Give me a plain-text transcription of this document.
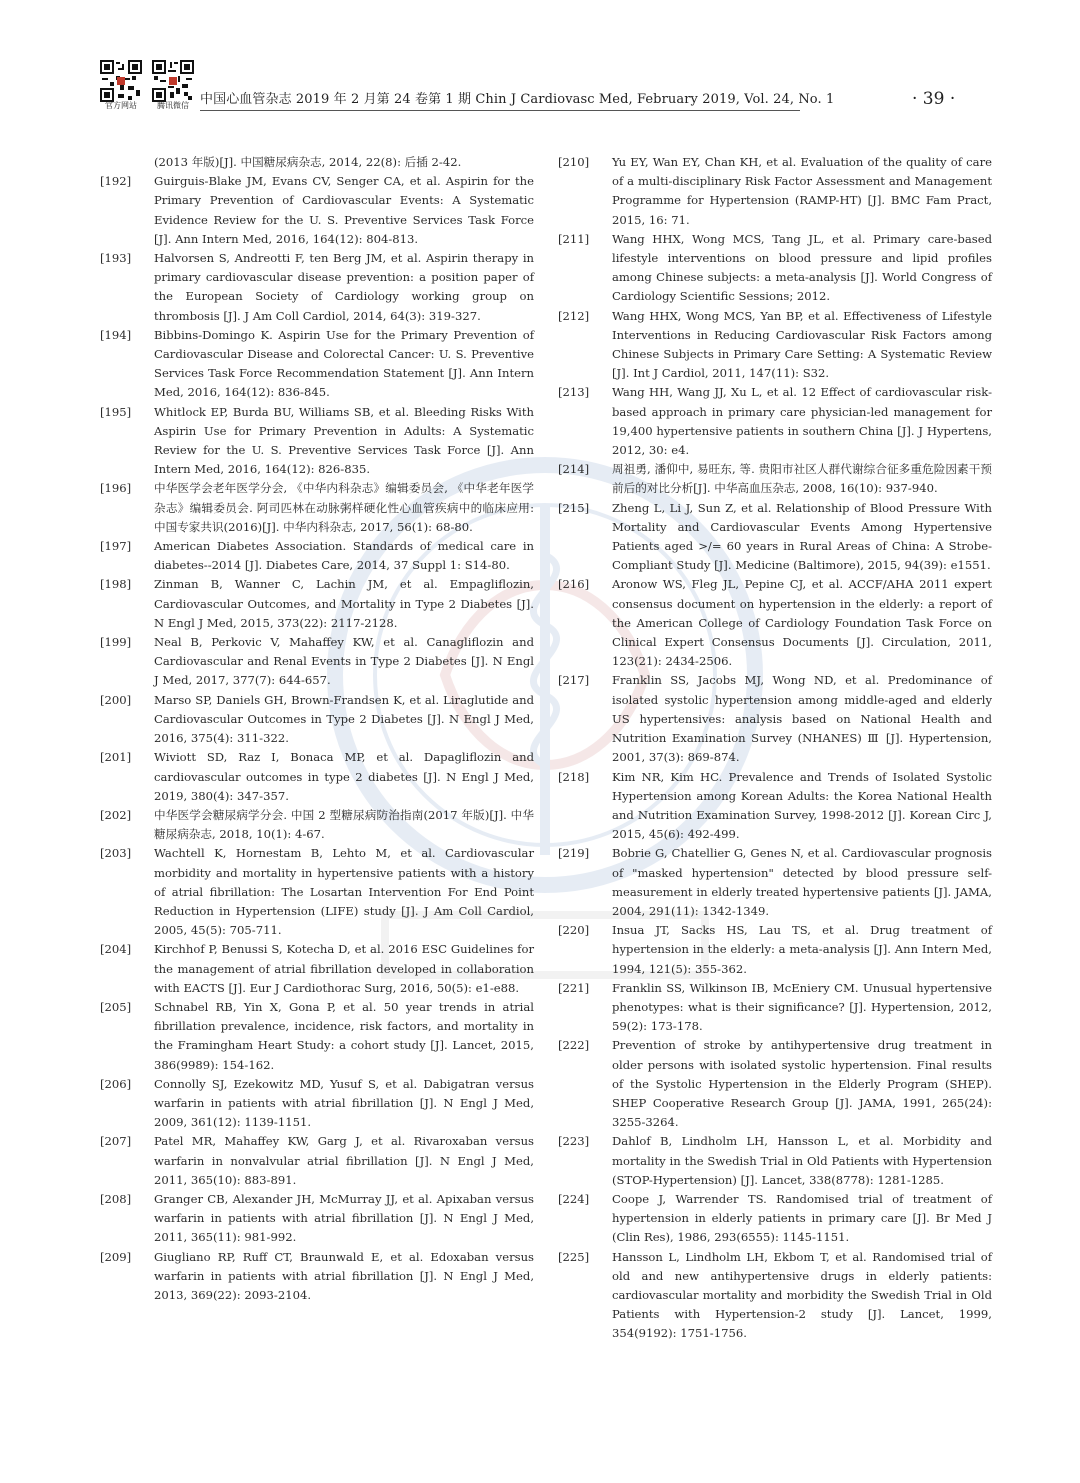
官方网站	腾讯微信 中国心血管杂志 2019 年 2 月第 24 卷第 1 期 Chin J Cardiovasc Med, February 2019, Vol. 24, No. 1	· 39 ·
(2013 年版)[J]. 中国糖尿病杂志, 2014, 22(8): 后插 2-42.
[192]	Guirguis-Blake JM, Evans CV, Senger CA, et al. Aspirin for the Primary Prevention of Cardiovascular Events: A Systematic Evidence Review for the U. S. Preventive Services Task Force [J]. Ann Intern Med, 2016, 164(12): 804-813.
[193]	Halvorsen S, Andreotti F, ten Berg JM, et al. Aspirin therapy in primary cardiovascular disease prevention: a position paper of the European Society of Cardiology working group on thrombosis [J]. J Am Coll Cardiol, 2014, 64(3): 319-327.
[194]	Bibbins-Domingo K. Aspirin Use for the Primary Prevention of Cardiovascular Disease and Colorectal Cancer: U. S. Preventive Services Task Force Recommendation Statement [J]. Ann Intern Med, 2016, 164(12): 836-845.
[195]	Whitlock EP, Burda BU, Williams SB, et al. Bleeding Risks With Aspirin Use for Primary Prevention in Adults: A Systematic Review for the U. S. Preventive Services Task Force [J]. Ann Intern Med, 2016, 164(12): 826-835.
[196]	中华医学会老年医学分会, 《中华内科杂志》编辑委员会, 《中华老年医学杂志》编辑委员会. 阿司匹林在动脉粥样硬化性心血管疾病中的临床应用: 中国专家共识(2016)[J]. 中华内科杂志, 2017, 56(1): 68-80.
[197]	American Diabetes Association. Standards of medical care in diabetes--2014 [J]. Diabetes Care, 2014, 37 Suppl 1: S14-80.
[198]	Zinman B, Wanner C, Lachin JM, et al. Empagliflozin, Cardiovascular Outcomes, and Mortality in Type 2 Diabetes [J]. N Engl J Med, 2015, 373(22): 2117-2128.
[199]	Neal B, Perkovic V, Mahaffey KW, et al. Canagliflozin and Cardiovascular and Renal Events in Type 2 Diabetes [J]. N Engl J Med, 2017, 377(7): 644-657.
[200]	Marso SP, Daniels GH, Brown-Frandsen K, et al. Liraglutide and Cardiovascular Outcomes in Type 2 Diabetes [J]. N Engl J Med, 2016, 375(4): 311-322.
[201]	Wiviott SD, Raz I, Bonaca MP, et al. Dapagliflozin and cardiovascular outcomes in type 2 diabetes [J]. N Engl J Med, 2019, 380(4): 347-357.
[202]	中华医学会糖尿病学分会. 中国 2 型糖尿病防治指南(2017 年版)[J]. 中华糖尿病杂志, 2018, 10(1): 4-67.
[203]	Wachtell K, Hornestam B, Lehto M, et al. Cardiovascular morbidity and mortality in hypertensive patients with a history of atrial fibrillation: The Losartan Intervention For End Point Reduction in Hypertension (LIFE) study [J]. J Am Coll Cardiol, 2005, 45(5): 705-711.
[204]	Kirchhof P, Benussi S, Kotecha D, et al. 2016 ESC Guidelines for the management of atrial fibrillation developed in collaboration with EACTS [J]. Eur J Cardiothorac Surg, 2016, 50(5): e1-e88.
[205]	Schnabel RB, Yin X, Gona P, et al. 50 year trends in atrial fibrillation prevalence, incidence, risk factors, and mortality in the Framingham Heart Study: a cohort study [J]. Lancet, 2015, 386(9989): 154-162.
[206]	Connolly SJ, Ezekowitz MD, Yusuf S, et al. Dabigatran versus warfarin in patients with atrial fibrillation [J]. N Engl J Med, 2009, 361(12): 1139-1151.
[207]	Patel MR, Mahaffey KW, Garg J, et al. Rivaroxaban versus warfarin in nonvalvular atrial fibrillation [J]. N Engl J Med, 2011, 365(10): 883-891.
[208]	Granger CB, Alexander JH, McMurray JJ, et al. Apixaban versus warfarin in patients with atrial fibrillation [J]. N Engl J Med, 2011, 365(11): 981-992.
[209]	Giugliano RP, Ruff CT, Braunwald E, et al. Edoxaban versus warfarin in patients with atrial fibrillation [J]. N Engl J Med, 2013, 369(22): 2093-2104.
[210]	Yu EY, Wan EY, Chan KH, et al. Evaluation of the quality of care of a multi-disciplinary Risk Factor Assessment and Management Programme for Hypertension (RAMP-HT) [J]. BMC Fam Pract, 2015, 16: 71.
[211]	Wang HHX, Wong MCS, Tang JL, et al. Primary care-based lifestyle interventions on blood pressure and lipid profiles among Chinese subjects: a meta-analysis [J]. World Congress of Cardiology Scientific Sessions; 2012.
[212]	Wang HHX, Wong MCS, Yan BP, et al. Effectiveness of Lifestyle Interventions in Reducing Cardiovascular Risk Factors among Chinese Subjects in Primary Care Setting: A Systematic Review [J]. Int J Cardiol, 2011, 147(11): S32.
[213]	Wang HH, Wang JJ, Xu L, et al. 12 Effect of cardiovascular risk-based approach in primary care physician-led management for 19,400 hypertensive patients in southern China [J]. J Hypertens, 2012, 30: e4.
[214]	周祖勇, 潘仰中, 易旺东, 等. 贵阳市社区人群代谢综合征多重危险因素干预前后的对比分析[J]. 中华高血压杂志, 2008, 16(10): 937-940.
[215]	Zheng L, Li J, Sun Z, et al. Relationship of Blood Pressure With Mortality and Cardiovascular Events Among Hypertensive Patients aged >/= 60 years in Rural Areas of China: A Strobe-Compliant Study [J]. Medicine (Baltimore), 2015, 94(39): e1551.
[216]	Aronow WS, Fleg JL, Pepine CJ, et al. ACCF/AHA 2011 expert consensus document on hypertension in the elderly: a report of the American College of Cardiology Foundation Task Force on Clinical Expert Consensus Documents [J]. Circulation, 2011, 123(21): 2434-2506.
[217]	Franklin SS, Jacobs MJ, Wong ND, et al. Predominance of isolated systolic hypertension among middle-aged and elderly US hypertensives: analysis based on National Health and Nutrition Examination Survey (NHANES) Ⅲ [J]. Hypertension, 2001, 37(3): 869-874.
[218]	Kim NR, Kim HC. Prevalence and Trends of Isolated Systolic Hypertension among Korean Adults: the Korea National Health and Nutrition Examination Survey, 1998-2012 [J]. Korean Circ J, 2015, 45(6): 492-499.
[219]	Bobrie G, Chatellier G, Genes N, et al. Cardiovascular prognosis of "masked hypertension" detected by blood pressure self-measurement in elderly treated hypertensive patients [J]. JAMA, 2004, 291(11): 1342-1349.
[220]	Insua JT, Sacks HS, Lau TS, et al. Drug treatment of hypertension in the elderly: a meta-analysis [J]. Ann Intern Med, 1994, 121(5): 355-362.
[221]	Franklin SS, Wilkinson IB, McEniery CM. Unusual hypertensive phenotypes: what is their significance? [J]. Hypertension, 2012, 59(2): 173-178.
[222]	Prevention of stroke by antihypertensive drug treatment in older persons with isolated systolic hypertension. Final results of the Systolic Hypertension in the Elderly Program (SHEP). SHEP Cooperative Research Group [J]. JAMA, 1991, 265(24): 3255-3264.
[223]	Dahlof B, Lindholm LH, Hansson L, et al. Morbidity and mortality in the Swedish Trial in Old Patients with Hypertension (STOP-Hypertension) [J]. Lancet, 338(8778): 1281-1285.
[224]	Coope J, Warrender TS. Randomised trial of treatment of hypertension in elderly patients in primary care [J]. Br Med J (Clin Res), 1986, 293(6555): 1145-1151.
[225]	Hansson L, Lindholm LH, Ekbom T, et al. Randomised trial of old and new antihypertensive drugs in elderly patients: cardiovascular mortality and morbidity the Swedish Trial in Old Patients with Hypertension-2 study [J]. Lancet, 1999, 354(9192): 1751-1756.
